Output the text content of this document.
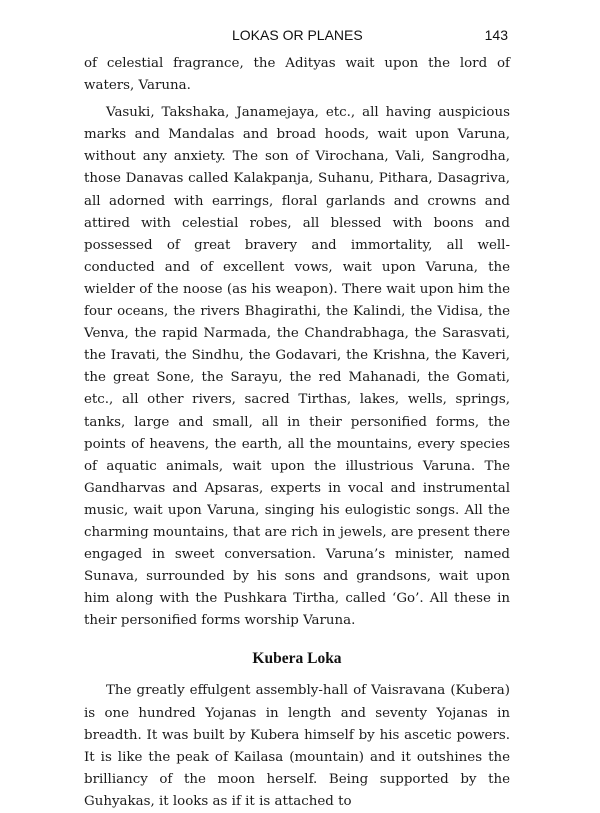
LOKAS OR PLANES	143

of celestial fragrance, the Adityas wait upon the lord of waters, Varuna.

Vasuki, Takshaka, Janamejaya, etc., all having auspicious marks and Mandalas and broad hoods, wait upon Varuna, without any anxiety. The son of Virochana, Vali, Sangrodha, those Danavas called Kalakpanja, Suhanu, Pithara, Dasagriva, all adorned with earrings, floral garlands and crowns and attired with celestial robes, all blessed with boons and possessed of great bravery and immortality, all well-conducted and of excellent vows, wait upon Varuna, the wielder of the noose (as his weapon). There wait upon him the four oceans, the rivers Bhagirathi, the Kalindi, the Vidisa, the Venva, the rapid Narmada, the Chandrabhaga, the Sarasvati, the Iravati, the Sindhu, the Godavari, the Krishna, the Kaveri, the great Sone, the Sarayu, the red Mahanadi, the Gomati, etc., all other rivers, sacred Tirthas, lakes, wells, springs, tanks, large and small, all in their personified forms, the points of heavens, the earth, all the mountains, every species of aquatic animals, wait upon the illustrious Varuna. The Gandharvas and Apsaras, experts in vocal and instrumental music, wait upon Varuna, singing his eulogistic songs. All the charming mountains, that are rich in jewels, are present there engaged in sweet conversation. Varuna’s minister, named Sunava, surrounded by his sons and grandsons, wait upon him along with the Pushkara Tirtha, called ‘Go’. All these in their personified forms worship Varuna.

Kubera Loka

The greatly effulgent assembly-hall of Vaisravana (Kubera) is one hundred Yojanas in length and seventy Yojanas in breadth. It was built by Kubera himself by his ascetic powers. It is like the peak of Kailasa (mountain) and it outshines the brilliancy of the moon herself. Being supported by the Guhyakas, it looks as if it is attached to
